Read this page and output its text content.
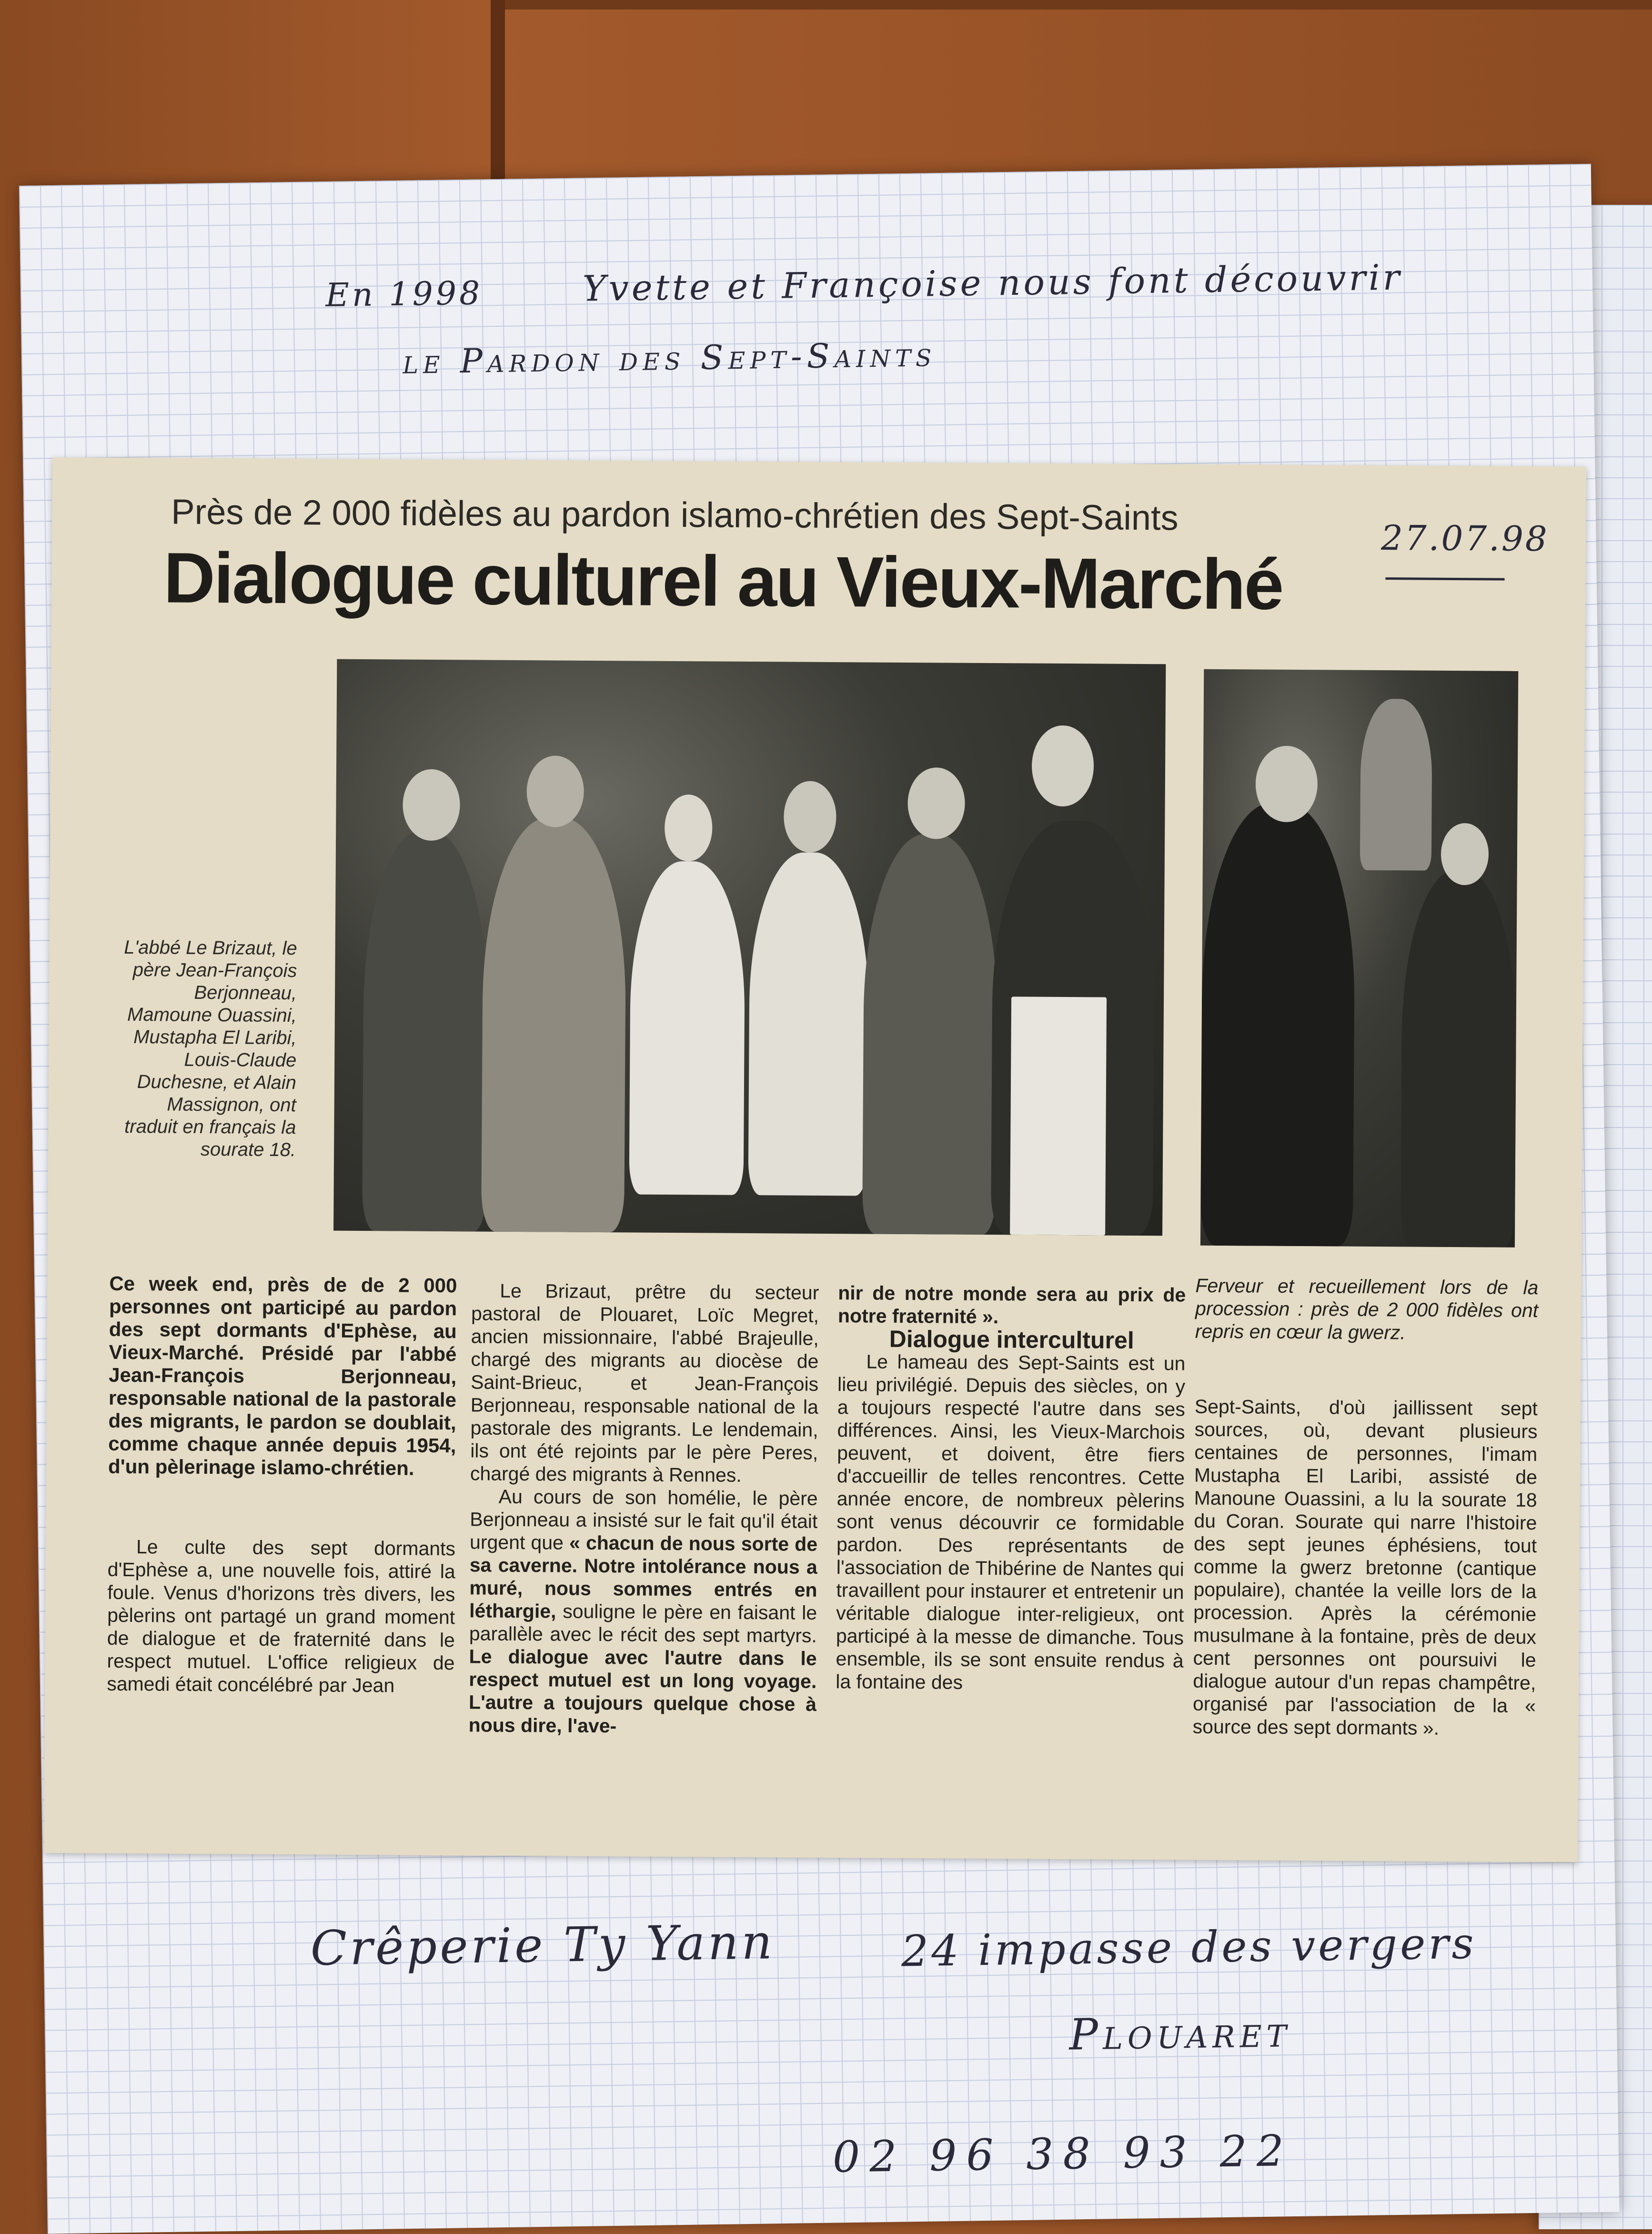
En 1998	Yvette et Françoise nous font découvrir
le Pardon des Sept-Saints
Crêperie Ty Yann	24 impasse des vergers
Plouaret
02 96 38 93 22
Près de 2 000 fidèles au pardon islamo-chrétien des Sept-Saints
Dialogue culturel au Vieux-Marché	27.07.98
L'abbé Le Brizaut, le père Jean-François Berjonneau, Mamoune Ouassini, Mustapha El Laribi, Louis-Claude Duchesne, et Alain Massignon, ont traduit en français la sourate 18.

Ce week end, près de de 2 000 personnes ont participé au pardon des sept dormants d'Ephèse, au Vieux-Marché. Présidé par l'abbé Jean-François Berjonneau, responsable national de la pastorale des migrants, le pardon se doublait, comme chaque année depuis 1954, d'un pèlerinage islamo-chrétien.

Le culte des sept dormants d'Ephèse a, une nouvelle fois, attiré la foule. Venus d'horizons très divers, les pèlerins ont partagé un grand moment de dialogue et de fraternité dans le respect mutuel. L'office religieux de samedi était concélébré par Jean

Le Brizaut, prêtre du secteur pastoral de Plouaret, Loïc Megret, ancien missionnaire, l'abbé Brajeulle, chargé des migrants au diocèse de Saint-Brieuc, et Jean-François Berjonneau, responsable national de la pastorale des migrants. Le lendemain, ils ont été rejoints par le père Peres, chargé des migrants à Rennes.

Au cours de son homélie, le père Berjonneau a insisté sur le fait qu'il était urgent que « chacun de nous sorte de sa caverne. Notre intolérance nous a muré, nous sommes entrés en léthargie, souligne le père en faisant le parallèle avec le récit des sept martyrs. Le dialogue avec l'autre dans le respect mutuel est un long voyage. L'autre a toujours quelque chose à nous dire, l'ave-

nir de notre monde sera au prix de notre fraternité ».

Dialogue interculturel

Le hameau des Sept-Saints est un lieu privilégié. Depuis des siècles, on y a toujours respecté l'autre dans ses différences. Ainsi, les Vieux-Marchois peuvent, et doivent, être fiers d'accueillir de telles rencontres. Cette année encore, de nombreux pèlerins sont venus découvrir ce formidable pardon. Des représentants de l'association de Thibérine de Nantes qui travaillent pour instaurer et entretenir un véritable dialogue inter-religieux, ont participé à la messe de dimanche. Tous ensemble, ils se sont ensuite rendus à la fontaine des

Ferveur et recueillement lors de la procession : près de 2 000 fidèles ont repris en cœur la gwerz.

Sept-Saints, d'où jaillissent sept sources, où, devant plusieurs centaines de personnes, l'imam Mustapha El Laribi, assisté de Manoune Ouassini, a lu la sourate 18 du Coran. Sourate qui narre l'histoire des sept jeunes éphésiens, tout comme la gwerz bretonne (cantique populaire), chantée la veille lors de la procession. Après la cérémonie musulmane à la fontaine, près de deux cent personnes ont poursuivi le dialogue autour d'un repas champêtre, organisé par l'association de la « source des sept dormants ».
